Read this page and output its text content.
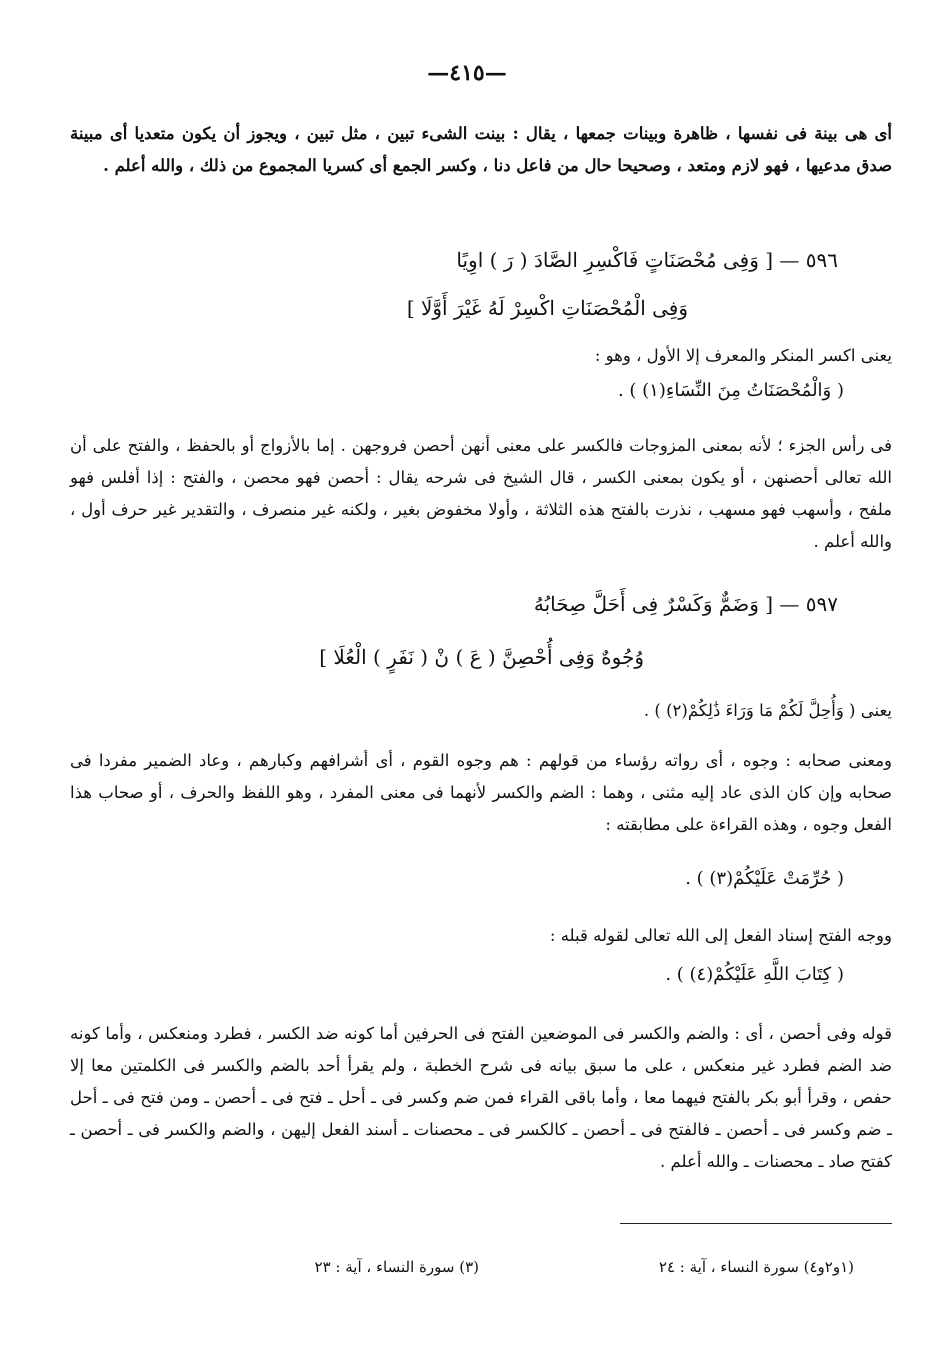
—٤١٥—
أى هى بينة فى نفسها ، ظاهرة وبينات جمعها ، يقال : بينت الشىء تبين ، مثل تبين ، ويجوز أن يكون متعديا أى مبينة صدق مدعيها ، فهو لازم ومتعد ، وصحيحا حال من فاعل دنا ، وكسر الجمع أى كسريا المجموع من ذلك ، والله أعلم .
٥٩٦ — [ وَفِى مُحْصَنَاتٍ فَاكْسِرِ الصَّادَ ( رَ ) اوِيًا
وَفِى الْمُحْصَنَاتِ اكْسِرْ لَهُ غَيْرَ أَوَّلَا ]
يعنى اكسر المنكر والمعرف إلا الأول ، وهو :
( وَالْمُحْصَنَاتُ مِنَ النِّسَاءِ(١) ) .
فى رأس الجزء ؛ لأنه بمعنى المزوجات فالكسر على معنى أنهن أحصن فروجهن . إما بالأزواج أو بالحفظ ، والفتح على أن الله تعالى أحصنهن ، أو يكون بمعنى الكسر ، قال الشيخ فى شرحه يقال : أحصن فهو محصن ، والفتح : إذا أفلس فهو ملفح ، وأسهب فهو مسهب ، نذرت بالفتح هذه الثلاثة ، وأولا مخفوض بغير ، ولكنه غير منصرف ، والتقدير غير حرف أول ، والله أعلم .
٥٩٧ — [ وَضَمٌّ وَكَسْرٌ فِى أَحَلَّ صِحَابُهُ
وُجُوهٌ وَفِى أُحْصِنَّ ( عَ ) نْ ( نَفَرٍ ) الْعُلَا ]
يعنى ( وَأُحِلَّ لَكُمْ مَا وَرَاءَ ذَٰلِكُمْ(٢) ) .
ومعنى صحابه : وجوه ، أى رواته رؤساء من قولهم : هم وجوه القوم ، أى أشرافهم وكبارهم ، وعاد الضمير مفردا فى صحابه وإن كان الذى عاد إليه مثنى ، وهما : الضم والكسر لأنهما فى معنى المفرد ، وهو اللفظ والحرف ، أو صحاب هذا الفعل وجوه ، وهذه القراءة على مطابقته :
( حُرِّمَتْ عَلَيْكُمْ(٣) ) .
ووجه الفتح إسناد الفعل إلى الله تعالى لقوله قبله :
( كِتَابَ اللَّهِ عَلَيْكُمْ(٤) ) .
قوله وفى أحصن ، أى : والضم والكسر فى الموضعين الفتح فى الحرفين أما كونه ضد الكسر ، فطرد ومنعكس ، وأما كونه ضد الضم فطرد غير منعكس ، على ما سبق بيانه فى شرح الخطبة ، ولم يقرأ أحد بالضم والكسر فى الكلمتين معا إلا حفص ، وقرأ أبو بكر بالفتح فيهما معا ، وأما باقى القراء فمن ضم وكسر فى ـ أحل ـ فتح فى ـ أحصن ـ ومن فتح فى ـ أحل ـ ضم وكسر فى ـ أحصن ـ فالفتح فى ـ أحصن ـ كالكسر فى ـ محصنات ـ أسند الفعل إليهن ، والضم والكسر فى ـ أحصن ـ كفتح صاد ـ محصنات ـ والله أعلم .
(١و٢و٤) سورة النساء ، آية : ٢٤
(٣) سورة النساء ، آية : ٢٣
